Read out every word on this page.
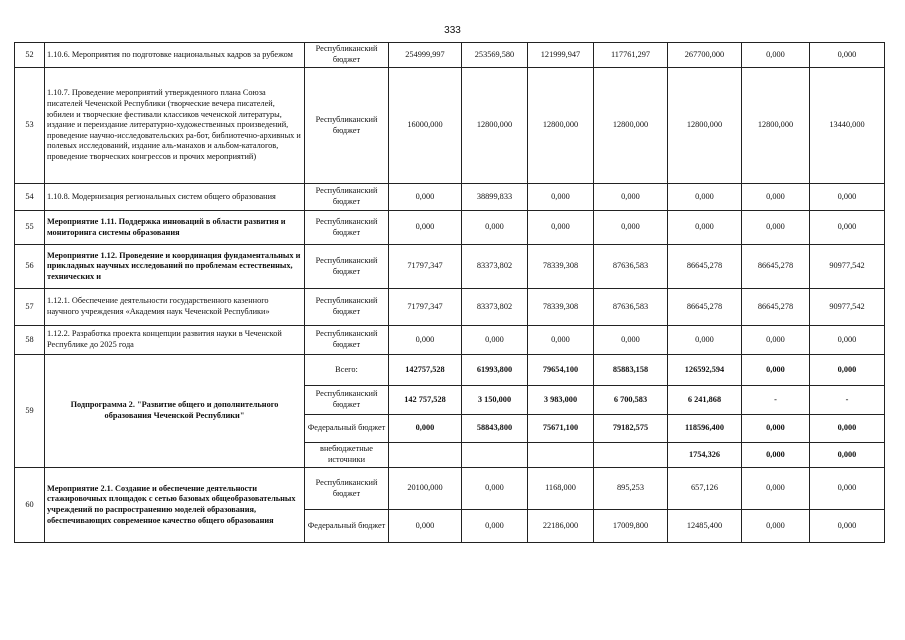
333
52	1.10.6. Мероприятия по подготовке национальных кадров за рубежом	Республиканский бюджет	254999,997	253569,580	121999,947	117761,297	267700,000	0,000	0,000
53	1.10.7. Проведение мероприятий утвержденного плана Союза писателей Чеченской Республики (творческие вечера писателей, юбилеи и творческие фестивали классиков чеченской литературы, издание и переиздание литературно-художественных произведений, проведение научно-исследовательских ра-бот, библиотечно-архивных и полевых исследований, издание аль-манахов и альбом-каталогов, проведение творческих конгрессов и прочих мероприятий)	Республиканский бюджет	16000,000	12800,000	12800,000	12800,000	12800,000	12800,000	13440,000
54	1.10.8. Модернизация региональных систем общего образования	Республиканский бюджет	0,000	38899,833	0,000	0,000	0,000	0,000	0,000
55	Мероприятие 1.11. Поддержка инноваций в области развития и мониторинга системы образования	Республиканский бюджет	0,000	0,000	0,000	0,000	0,000	0,000	0,000
56	Мероприятие 1.12. Проведение и координация фундаментальных и прикладных научных исследований по проблемам естественных, технических и	Республиканский бюджет	71797,347	83373,802	78339,308	87636,583	86645,278	86645,278	90977,542
57	1.12.1. Обеспечение деятельности государственного казенного научного учреждения «Академия наук Чеченской Республики»	Республиканский бюджет	71797,347	83373,802	78339,308	87636,583	86645,278	86645,278	90977,542
58	1.12.2. Разработка проекта концепции развития науки в Чеченской Республике до 2025 года	Республиканский бюджет	0,000	0,000	0,000	0,000	0,000	0,000	0,000
59	Подпрограмма 2. "Развитие общего и дополнительного образования Чеченской Республики"	Всего:	142757,528	61993,800	79654,100	85883,158	126592,594	0,000	0,000
		Республиканский бюджет	142 757,528	3 150,000	3 983,000	6 700,583	6 241,868	-	-
		Федеральный бюджет	0,000	58843,800	75671,100	79182,575	118596,400	0,000	0,000
		внебюджетные источники					1754,326	0,000	0,000
60	Мероприятие 2.1. Создание и обеспечение деятельности стажировочных площадок с сетью базовых общеобразовательных учреждений по распространению моделей образования, обеспечивающих современное качество общего образования	Республиканский бюджет	20100,000	0,000	1168,000	895,253	657,126	0,000	0,000
		Федеральный бюджет	0,000	0,000	22186,000	17009,800	12485,400	0,000	0,000
